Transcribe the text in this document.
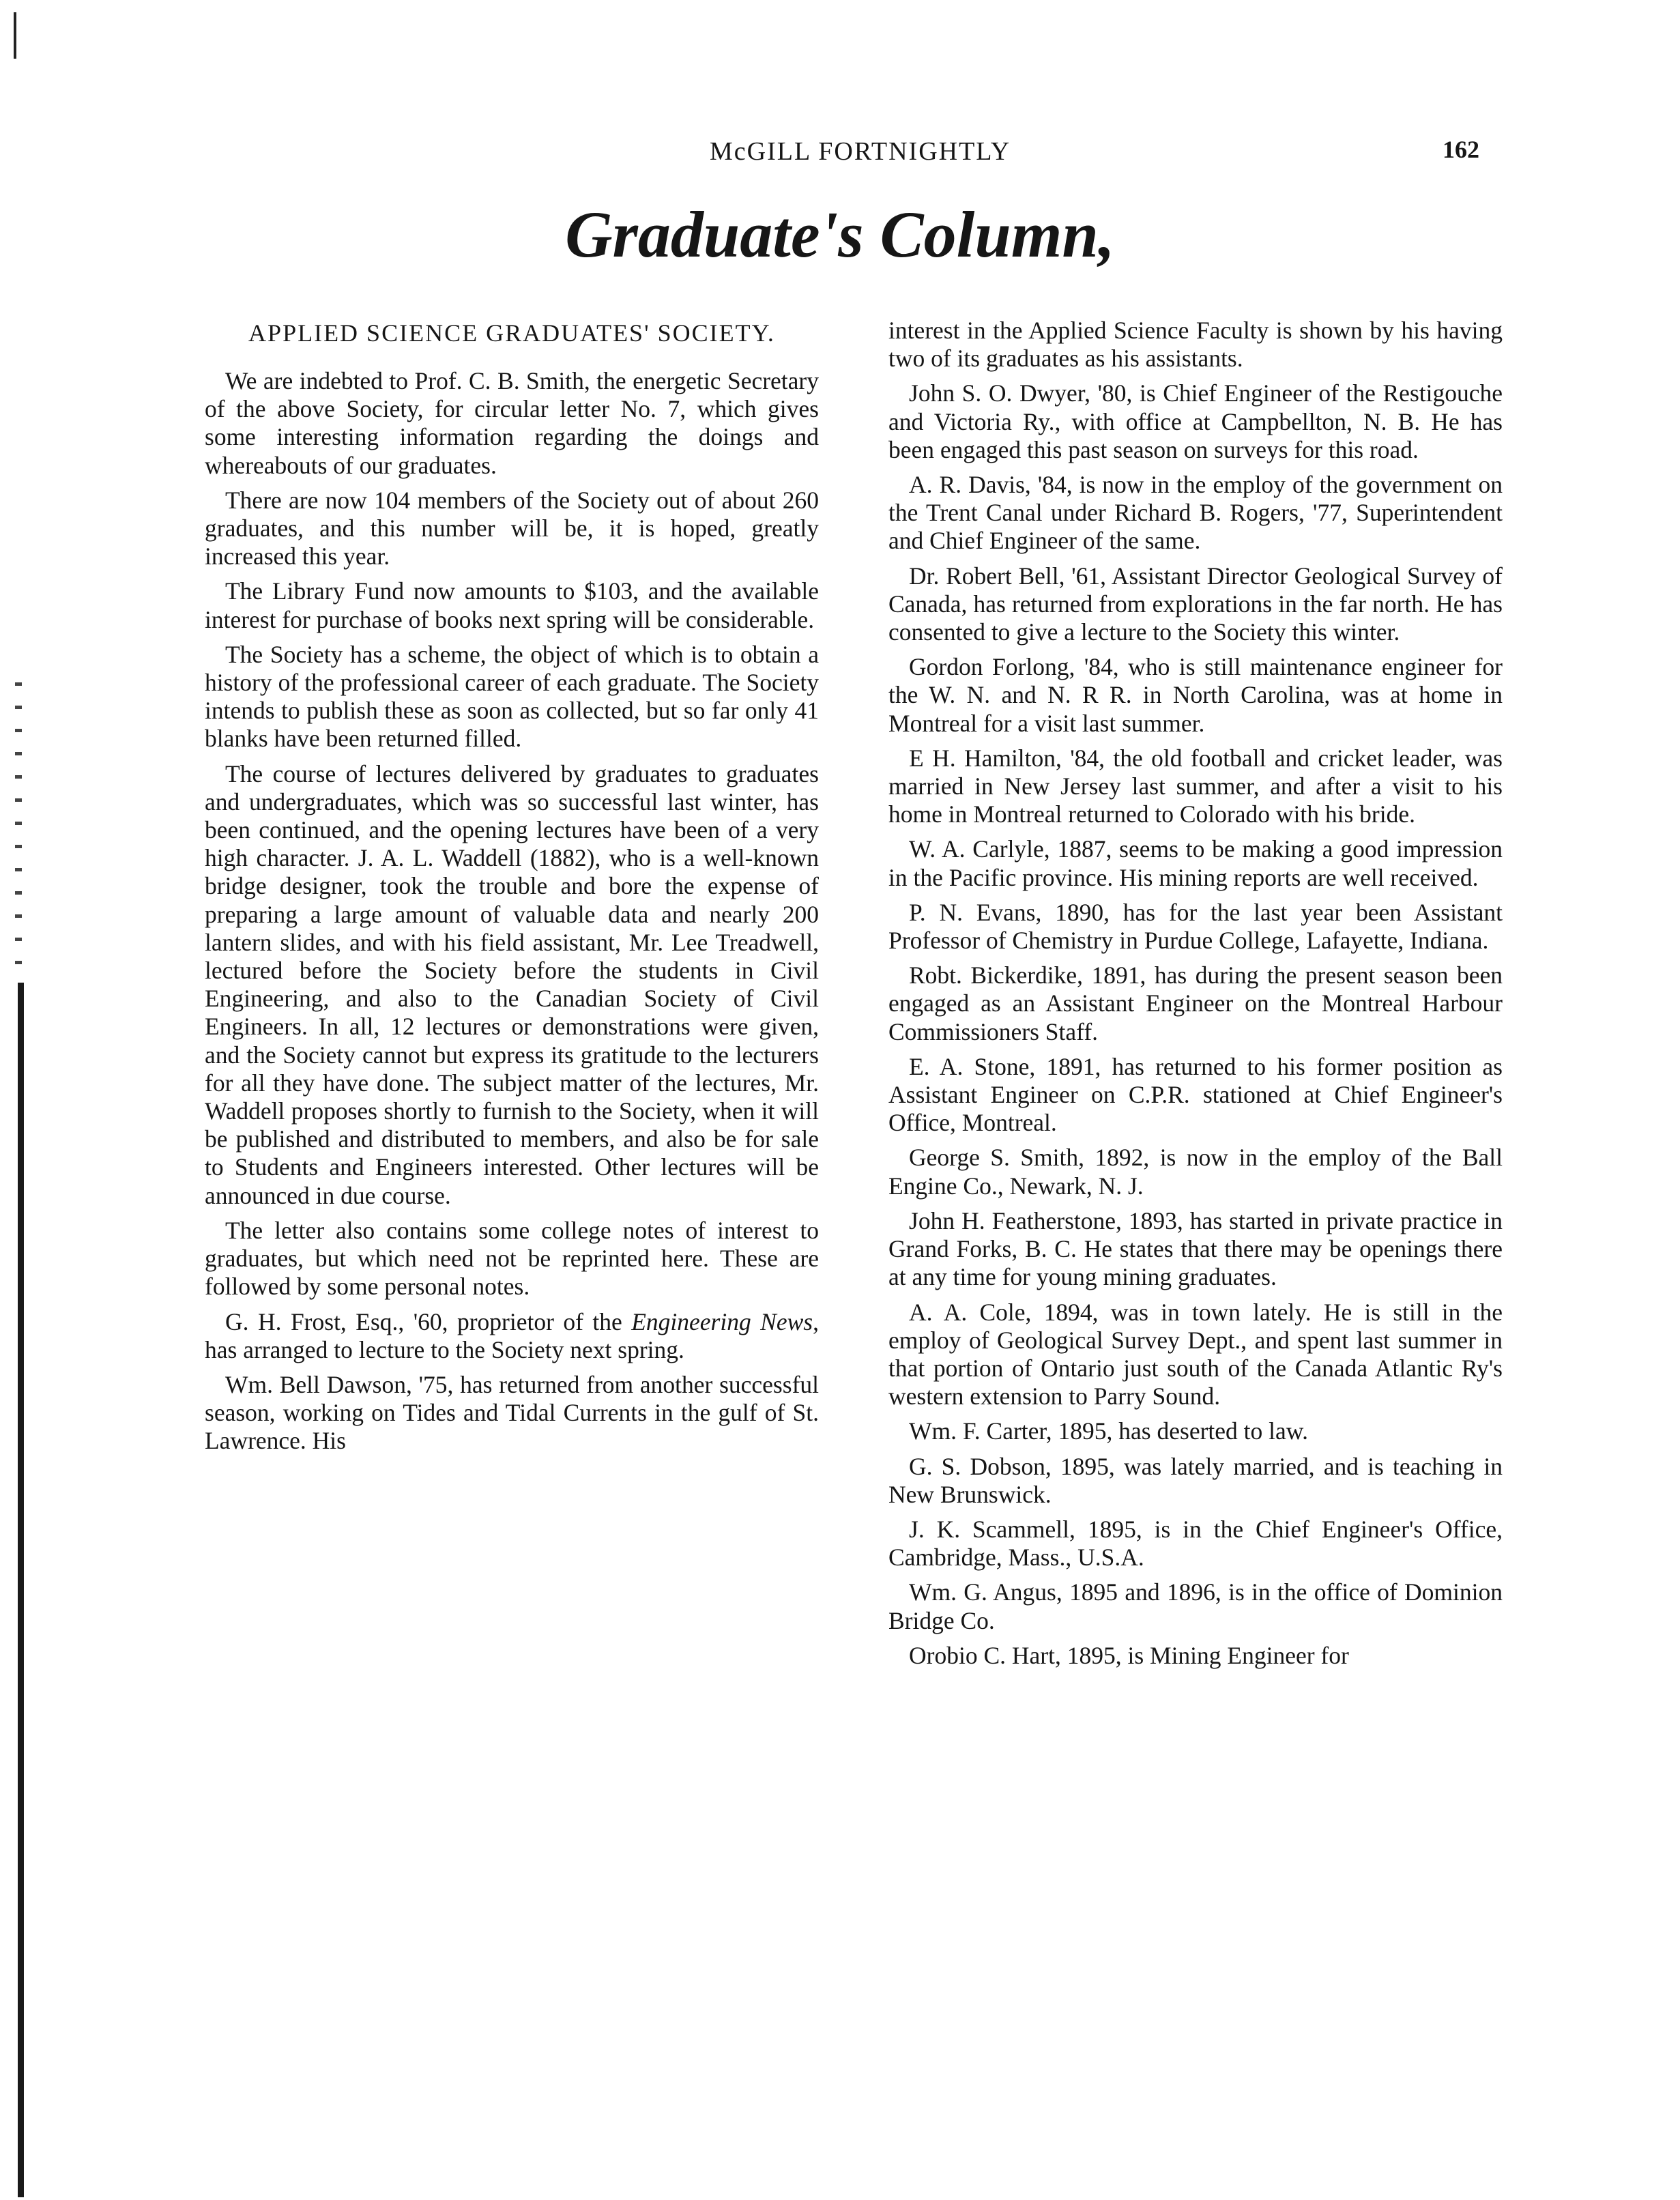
McGILL FORTNIGHTLY	162
Graduate's Column,
APPLIED SCIENCE GRADUATES' SOCIETY.

We are indebted to Prof. C. B. Smith, the energetic Secretary of the above Society, for circular letter No. 7, which gives some interesting information regarding the doings and whereabouts of our graduates.

There are now 104 members of the Society out of about 260 graduates, and this number will be, it is hoped, greatly increased this year.

The Library Fund now amounts to $103, and the available interest for purchase of books next spring will be considerable.

The Society has a scheme, the object of which is to obtain a history of the professional career of each graduate. The Society intends to publish these as soon as collected, but so far only 41 blanks have been returned filled.

The course of lectures delivered by graduates to graduates and undergraduates, which was so successful last winter, has been continued, and the opening lectures have been of a very high character. J. A. L. Waddell (1882), who is a well-known bridge designer, took the trouble and bore the expense of preparing a large amount of valuable data and nearly 200 lantern slides, and with his field assistant, Mr. Lee Treadwell, lectured before the Society before the students in Civil Engineering, and also to the Canadian Society of Civil Engineers. In all, 12 lectures or demonstrations were given, and the Society cannot but express its gratitude to the lecturers for all they have done. The subject matter of the lectures, Mr. Waddell proposes shortly to furnish to the Society, when it will be published and distributed to members, and also be for sale to Students and Engineers interested. Other lectures will be announced in due course.

The letter also contains some college notes of interest to graduates, but which need not be reprinted here. These are followed by some personal notes.

G. H. Frost, Esq., '60, proprietor of the Engineering News, has arranged to lecture to the Society next spring.

Wm. Bell Dawson, '75, has returned from another successful season, working on Tides and Tidal Currents in the gulf of St. Lawrence. His

interest in the Applied Science Faculty is shown by his having two of its graduates as his assistants.

John S. O. Dwyer, '80, is Chief Engineer of the Restigouche and Victoria Ry., with office at Campbellton, N. B. He has been engaged this past season on surveys for this road.

A. R. Davis, '84, is now in the employ of the government on the Trent Canal under Richard B. Rogers, '77, Superintendent and Chief Engineer of the same.

Dr. Robert Bell, '61, Assistant Director Geological Survey of Canada, has returned from explorations in the far north. He has consented to give a lecture to the Society this winter.

Gordon Forlong, '84, who is still maintenance engineer for the W. N. and N. R R. in North Carolina, was at home in Montreal for a visit last summer.

E H. Hamilton, '84, the old football and cricket leader, was married in New Jersey last summer, and after a visit to his home in Montreal returned to Colorado with his bride.

W. A. Carlyle, 1887, seems to be making a good impression in the Pacific province. His mining reports are well received.

P. N. Evans, 1890, has for the last year been Assistant Professor of Chemistry in Purdue College, Lafayette, Indiana.

Robt. Bickerdike, 1891, has during the present season been engaged as an Assistant Engineer on the Montreal Harbour Commissioners Staff.

E. A. Stone, 1891, has returned to his former position as Assistant Engineer on C.P.R. stationed at Chief Engineer's Office, Montreal.

George S. Smith, 1892, is now in the employ of the Ball Engine Co., Newark, N. J.

John H. Featherstone, 1893, has started in private practice in Grand Forks, B. C. He states that there may be openings there at any time for young mining graduates.

A. A. Cole, 1894, was in town lately. He is still in the employ of Geological Survey Dept., and spent last summer in that portion of Ontario just south of the Canada Atlantic Ry's western extension to Parry Sound.

Wm. F. Carter, 1895, has deserted to law.

G. S. Dobson, 1895, was lately married, and is teaching in New Brunswick.

J. K. Scammell, 1895, is in the Chief Engineer's Office, Cambridge, Mass., U.S.A.

Wm. G. Angus, 1895 and 1896, is in the office of Dominion Bridge Co.

Orobio C. Hart, 1895, is Mining Engineer for
